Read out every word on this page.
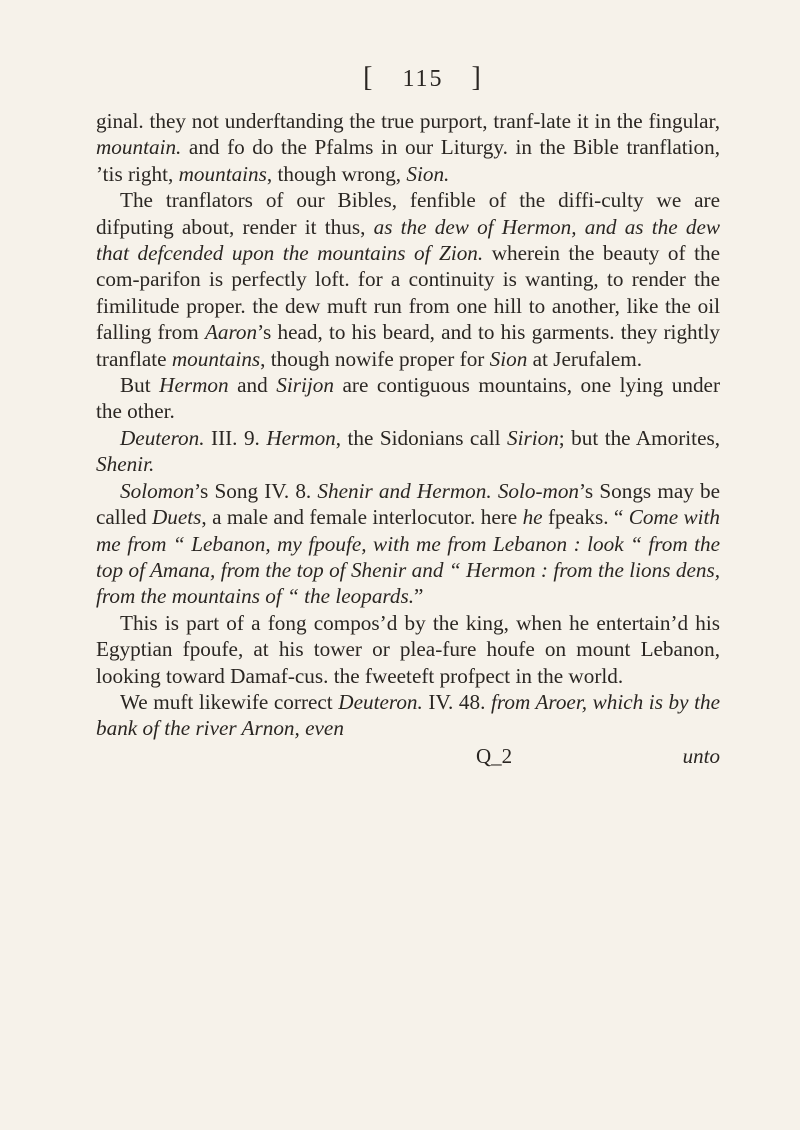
[ 115 ]

ginal. they not underftanding the true purport, tranf-late it in the fingular, mountain. and fo do the Pfalms in our Liturgy. in the Bible tranflation, ’tis right, mountains, though wrong, Sion.

The tranflators of our Bibles, fenfible of the diffi-culty we are difputing about, render it thus, as the dew of Hermon, and as the dew that defcended upon the mountains of Zion. wherein the beauty of the com-parifon is perfectly loft. for a continuity is wanting, to render the fimilitude proper. the dew muft run from one hill to another, like the oil falling from Aaron’s head, to his beard, and to his garments. they rightly tranflate mountains, though nowife proper for Sion at Jerufalem.

But Hermon and Sirijon are contiguous mountains, one lying under the other.

Deuteron. III. 9. Hermon, the Sidonians call Sirion; but the Amorites, Shenir.

Solomon’s Song IV. 8. Shenir and Hermon. Solo-mon’s Songs may be called Duets, a male and female interlocutor. here he fpeaks. “ Come with me from “ Lebanon, my fpoufe, with me from Lebanon : look “ from the top of Amana, from the top of Shenir and “ Hermon : from the lions dens, from the mountains of “ the leopards.”

This is part of a fong compos’d by the king, when he entertain’d his Egyptian fpoufe, at his tower or plea-fure houfe on mount Lebanon, looking toward Damaf-cus. the fweeteft profpect in the world.

We muft likewife correct Deuteron. IV. 48. from Aroer, which is by the bank of the river Arnon, even

Q_2	unto
